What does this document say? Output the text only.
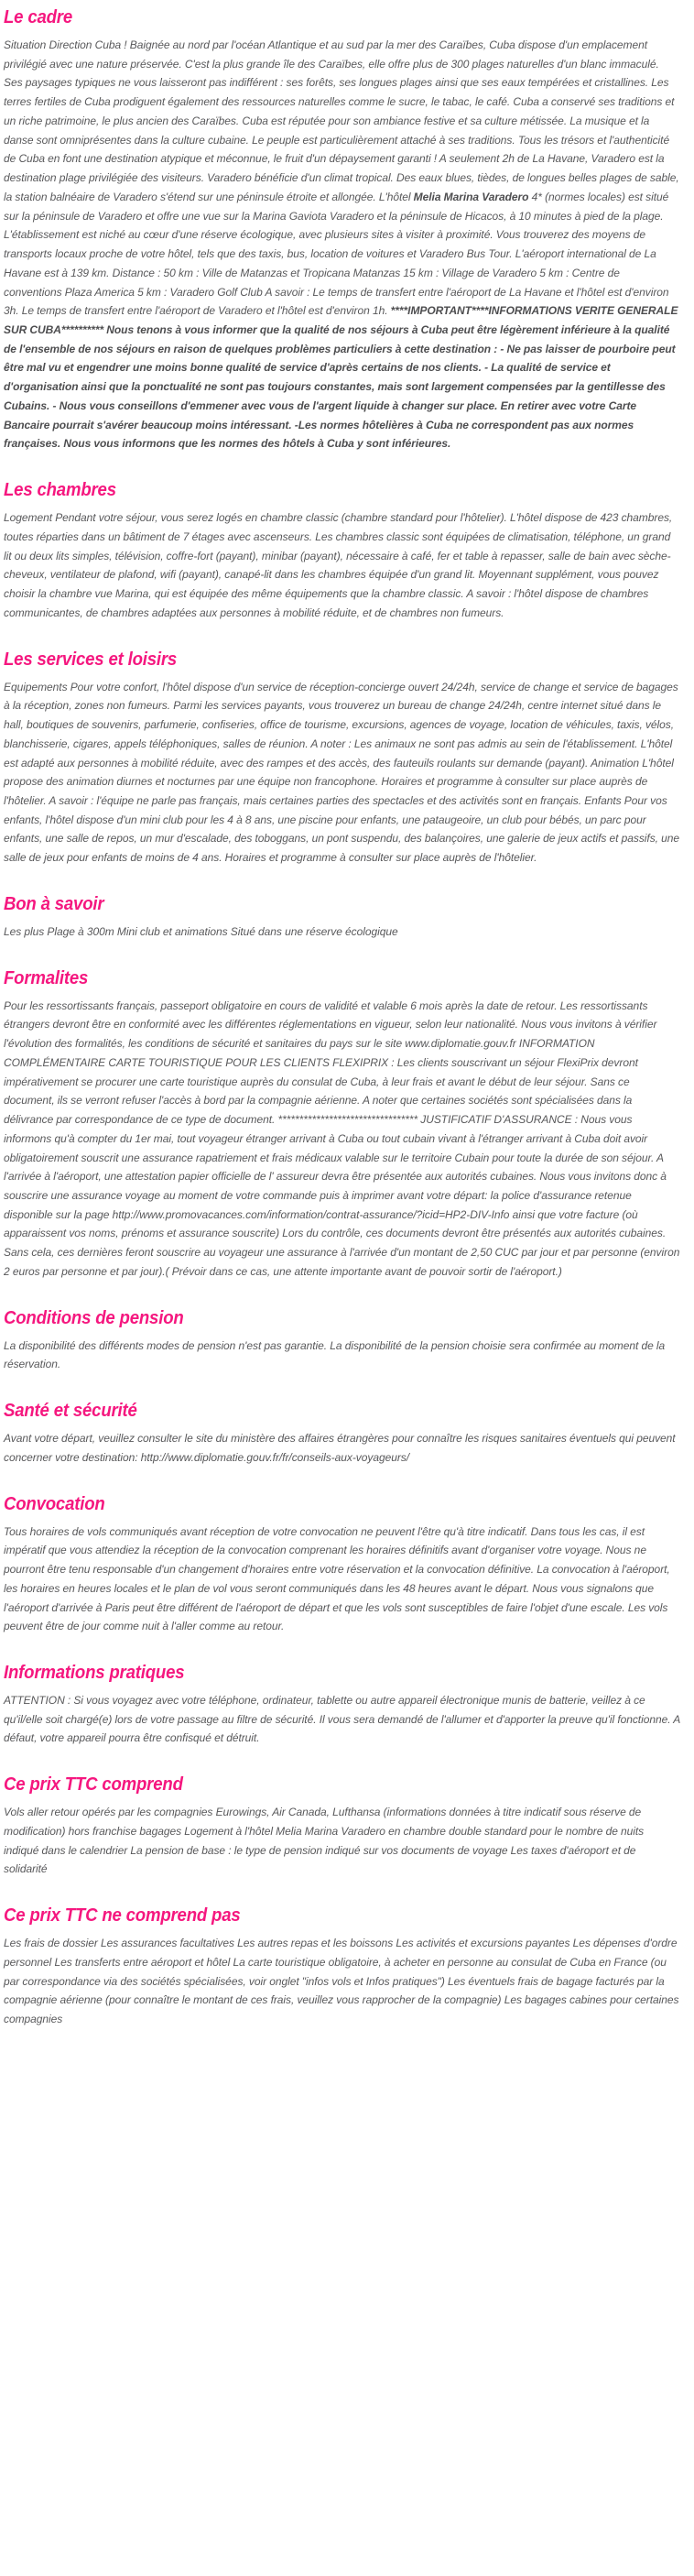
Le cadre

Situation Direction Cuba ! Baignée au nord par l'océan Atlantique et au sud par la mer des Caraïbes, Cuba dispose d'un emplacement privilégié avec une nature préservée. C'est la plus grande île des Caraïbes, elle offre plus de 300 plages naturelles d'un blanc immaculé. Ses paysages typiques ne vous laisseront pas indifférent : ses forêts, ses longues plages ainsi que ses eaux tempérées et cristallines. Les terres fertiles de Cuba prodiguent également des ressources naturelles comme le sucre, le tabac, le café. Cuba a conservé ses traditions et un riche patrimoine, le plus ancien des Caraïbes. Cuba est réputée pour son ambiance festive et sa culture métissée. La musique et la danse sont omniprésentes dans la culture cubaine. Le peuple est particulièrement attaché à ses traditions. Tous les trésors et l'authenticité de Cuba en font une destination atypique et méconnue, le fruit d'un dépaysement garanti ! A seulement 2h de La Havane, Varadero est la destination plage privilégiée des visiteurs. Varadero bénéficie d'un climat tropical. Des eaux blues, tièdes, de longues belles plages de sable, la station balnéaire de Varadero s'étend sur une péninsule étroite et allongée. L'hôtel Melia Marina Varadero 4* (normes locales) est situé sur la péninsule de Varadero et offre une vue sur la Marina Gaviota Varadero et la péninsule de Hicacos, à 10 minutes à pied de la plage. L'établissement est niché au cœur d'une réserve écologique, avec plusieurs sites à visiter à proximité. Vous trouverez des moyens de transports locaux proche de votre hôtel, tels que des taxis, bus, location de voitures et Varadero Bus Tour. L'aéroport international de La Havane est à 139 km. Distance : 50 km : Ville de Matanzas et Tropicana Matanzas 15 km : Village de Varadero 5 km : Centre de conventions Plaza America 5 km : Varadero Golf Club A savoir : Le temps de transfert entre l'aéroport de La Havane et l'hôtel est d'environ 3h. Le temps de transfert entre l'aéroport de Varadero et l'hôtel est d'environ 1h. ****IMPORTANT****INFORMATIONS VERITE GENERALE SUR CUBA********** Nous tenons à vous informer que la qualité de nos séjours à Cuba peut être légèrement inférieure à la qualité de l'ensemble de nos séjours en raison de quelques problèmes particuliers à cette destination : - Ne pas laisser de pourboire peut être mal vu et engendrer une moins bonne qualité de service d'après certains de nos clients. - La qualité de service et d'organisation ainsi que la ponctualité ne sont pas toujours constantes, mais sont largement compensées par la gentillesse des Cubains. - Nous vous conseillons d'emmener avec vous de l'argent liquide à changer sur place. En retirer avec votre Carte Bancaire pourrait s'avérer beaucoup moins intéressant. -Les normes hôtelières à Cuba ne correspondent pas aux normes françaises. Nous vous informons que les normes des hôtels à Cuba y sont inférieures.

Les chambres

Logement Pendant votre séjour, vous serez logés en chambre classic (chambre standard pour l'hôtelier). L'hôtel dispose de 423 chambres, toutes réparties dans un bâtiment de 7 étages avec ascenseurs. Les chambres classic sont équipées de climatisation, téléphone, un grand lit ou deux lits simples, télévision, coffre-fort (payant), minibar (payant), nécessaire à café, fer et table à repasser, salle de bain avec sèche-cheveux, ventilateur de plafond, wifi (payant), canapé-lit dans les chambres équipée d'un grand lit. Moyennant supplément, vous pouvez choisir la chambre vue Marina, qui est équipée des même équipements que la chambre classic. A savoir : l'hôtel dispose de chambres communicantes, de chambres adaptées aux personnes à mobilité réduite, et de chambres non fumeurs.

Les services et loisirs

Equipements Pour votre confort, l'hôtel dispose d'un service de réception-concierge ouvert 24/24h, service de change et service de bagages à la réception, zones non fumeurs. Parmi les services payants, vous trouverez un bureau de change 24/24h, centre internet situé dans le hall, boutiques de souvenirs, parfumerie, confiseries, office de tourisme, excursions, agences de voyage, location de véhicules, taxis, vélos, blanchisserie, cigares, appels téléphoniques, salles de réunion. A noter : Les animaux ne sont pas admis au sein de l'établissement. L'hôtel est adapté aux personnes à mobilité réduite, avec des rampes et des accès, des fauteuils roulants sur demande (payant). Animation L'hôtel propose des animation diurnes et nocturnes par une équipe non francophone. Horaires et programme à consulter sur place auprès de l'hôtelier. A savoir : l'équipe ne parle pas français, mais certaines parties des spectacles et des activités sont en français. Enfants Pour vos enfants, l'hôtel dispose d'un mini club pour les 4 à 8 ans, une piscine pour enfants, une pataugeoire, un club pour bébés, un parc pour enfants, une salle de repos, un mur d'escalade, des toboggans, un pont suspendu, des balançoires, une galerie de jeux actifs et passifs, une salle de jeux pour enfants de moins de 4 ans. Horaires et programme à consulter sur place auprès de l'hôtelier.

Bon à savoir

Les plus Plage à 300m Mini club et animations Situé dans une réserve écologique

Formalites

Pour les ressortissants français, passeport obligatoire en cours de validité et valable 6 mois après la date de retour. Les ressortissants étrangers devront être en conformité avec les différentes réglementations en vigueur, selon leur nationalité. Nous vous invitons à vérifier l'évolution des formalités, les conditions de sécurité et sanitaires du pays sur le site www.diplomatie.gouv.fr INFORMATION COMPLÉMENTAIRE CARTE TOURISTIQUE POUR LES CLIENTS FLEXIPRIX : Les clients souscrivant un séjour FlexiPrix devront impérativement se procurer une carte touristique auprès du consulat de Cuba, à leur frais et avant le début de leur séjour. Sans ce document, ils se verront refuser l'accès à bord par la compagnie aérienne. A noter que certaines sociétés sont spécialisées dans la délivrance par correspondance de ce type de document. ********************************* JUSTIFICATIF D'ASSURANCE : Nous vous informons qu'à compter du 1er mai, tout voyageur étranger arrivant à Cuba ou tout cubain vivant à l'étranger arrivant à Cuba doit avoir obligatoirement souscrit une assurance rapatriement et frais médicaux valable sur le territoire Cubain pour toute la durée de son séjour. A l'arrivée à l'aéroport, une attestation papier officielle de l' assureur devra être présentée aux autorités cubaines. Nous vous invitons donc à souscrire une assurance voyage au moment de votre commande puis à imprimer avant votre départ: la police d'assurance retenue disponible sur la page http://www.promovacances.com/information/contrat-assurance/?icid=HP2-DIV-Info ainsi que votre facture (où apparaissent vos noms, prénoms et assurance souscrite) Lors du contrôle, ces documents devront être présentés aux autorités cubaines. Sans cela, ces dernières feront souscrire au voyageur une assurance à l'arrivée d'un montant de 2,50 CUC par jour et par personne (environ 2 euros par personne et par jour).( Prévoir dans ce cas, une attente importante avant de pouvoir sortir de l'aéroport.)

Conditions de pension

La disponibilité des différents modes de pension n'est pas garantie. La disponibilité de la pension choisie sera confirmée au moment de la réservation.

Santé et sécurité

Avant votre départ, veuillez consulter le site du ministère des affaires étrangères pour connaître les risques sanitaires éventuels qui peuvent concerner votre destination: http://www.diplomatie.gouv.fr/fr/conseils-aux-voyageurs/

Convocation

Tous horaires de vols communiqués avant réception de votre convocation ne peuvent l'être qu'à titre indicatif. Dans tous les cas, il est impératif que vous attendiez la réception de la convocation comprenant les horaires définitifs avant d'organiser votre voyage. Nous ne pourront être tenu responsable d'un changement d'horaires entre votre réservation et la convocation définitive. La convocation à l'aéroport, les horaires en heures locales et le plan de vol vous seront communiqués dans les 48 heures avant le départ. Nous vous signalons que l'aéroport d'arrivée à Paris peut être différent de l'aéroport de départ et que les vols sont susceptibles de faire l'objet d'une escale. Les vols peuvent être de jour comme nuit à l'aller comme au retour.

Informations pratiques

ATTENTION : Si vous voyagez avec votre téléphone, ordinateur, tablette ou autre appareil électronique munis de batterie, veillez à ce qu'il/elle soit chargé(e) lors de votre passage au filtre de sécurité. Il vous sera demandé de l'allumer et d'apporter la preuve qu'il fonctionne. A défaut, votre appareil pourra être confisqué et détruit.

Ce prix TTC comprend

Vols aller retour opérés par les compagnies Eurowings, Air Canada, Lufthansa (informations données à titre indicatif sous réserve de modification) hors franchise bagages Logement à l'hôtel Melia Marina Varadero en chambre double standard pour le nombre de nuits indiqué dans le calendrier La pension de base : le type de pension indiqué sur vos documents de voyage Les taxes d'aéroport et de solidarité

Ce prix TTC ne comprend pas

Les frais de dossier Les assurances facultatives Les autres repas et les boissons Les activités et excursions payantes Les dépenses d'ordre personnel Les transferts entre aéroport et hôtel La carte touristique obligatoire, à acheter en personne au consulat de Cuba en France (ou par correspondance via des sociétés spécialisées, voir onglet "infos vols et Infos pratiques") Les éventuels frais de bagage facturés par la compagnie aérienne (pour connaître le montant de ces frais, veuillez vous rapprocher de la compagnie) Les bagages cabines pour certaines compagnies
